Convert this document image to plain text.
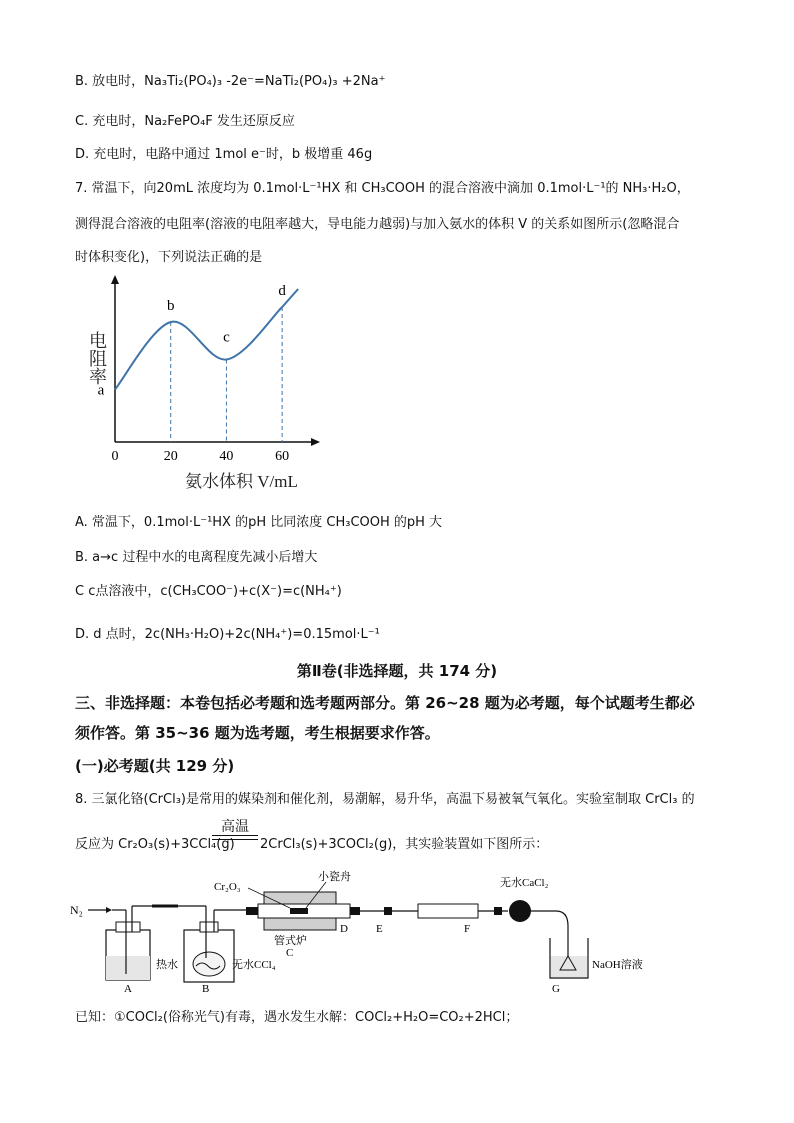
B. 放电时，Na₃Ti₂(PO₄)₃ -2e⁻=NaTi₂(PO₄)₃ +2Na⁺
C. 充电时，Na₂FePO₄F 发生还原反应
D. 充电时，电路中通过 1mol e⁻时，b 极增重 46g
7. 常温下，向20mL 浓度均为 0.1mol·L⁻¹HX 和 CH₃COOH 的混合溶液中滴加 0.1mol·L⁻¹的 NH₃·H₂O，
测得混合溶液的电阻率(溶液的电阻率越大，导电能力越弱)与加入氨水的体积 V 的关系如图所示(忽略混合
时体积变化)，下列说法正确的是
a
b
c
d
0	20	40	60
电阻率
氨水体积 V/mL
A. 常温下，0.1mol·L⁻¹HX 的pH 比同浓度 CH₃COOH 的pH 大
B. a→c 过程中水的电离程度先减小后增大
C c点溶液中，c(CH₃COO⁻)+c(X⁻)=c(NH₄⁺)
D. d 点时，2c(NH₃·H₂O)+2c(NH₄⁺)=0.15mol·L⁻¹
第Ⅱ卷(非选择题，共 174 分)
三、非选择题：本卷包括必考题和选考题两部分。第 26~28 题为必考题，每个试题考生都必
须作答。第 35~36 题为选考题，考生根据要求作答。
(一)必考题(共 129 分)
8. 三氯化铬(CrCl₃)是常用的媒染剂和催化剂，易潮解，易升华，高温下易被氧气氧化。实验室制取 CrCl₃ 的
反应为 Cr₂O₃(s)+3CCl₄(g)
高温
2CrCl₃(s)+3COCl₂(g)，其实验装置如下图所示：
N₂
Cr₂O₃
小瓷舟
管式炉
无水CaCl₂
NaOH溶液
热水	无水CCl₄
A	B
C
D	E	F
G
已知：①COCl₂(俗称光气)有毒，遇水发生水解：COCl₂+H₂O=CO₂+2HCl；
